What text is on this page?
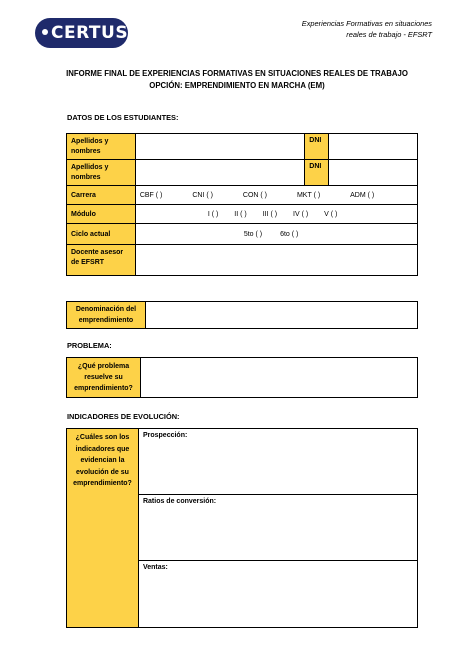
CERTUS	Experiencias Formativas en situaciones
reales de trabajo - EFSRT
INFORME FINAL DE EXPERIENCIAS FORMATIVAS EN SITUACIONES REALES DE TRABAJO
OPCIÓN: EMPRENDIMIENTO EN MARCHA (EM)
DATOS DE LOS ESTUDIANTES:
Apellidos y nombres		DNI	
Apellidos y nombres		DNI	
Carrera	CBF ( ) CNI ( ) CON ( ) MKT ( ) ADM ( )		
Módulo	I ( ) II ( ) III ( ) IV ( ) V ( )		
Ciclo actual	5to ( ) 6to ( )		
Docente asesor de EFSRT			
Denominación del emprendimiento	
PROBLEMA:
¿Qué problema resuelve su emprendimiento?	
INDICADORES DE EVOLUCIÓN:
¿Cuáles son los indicadores que evidencian la evolución de su emprendimiento?	Prospección:
Ratios de conversión:
Ventas:
